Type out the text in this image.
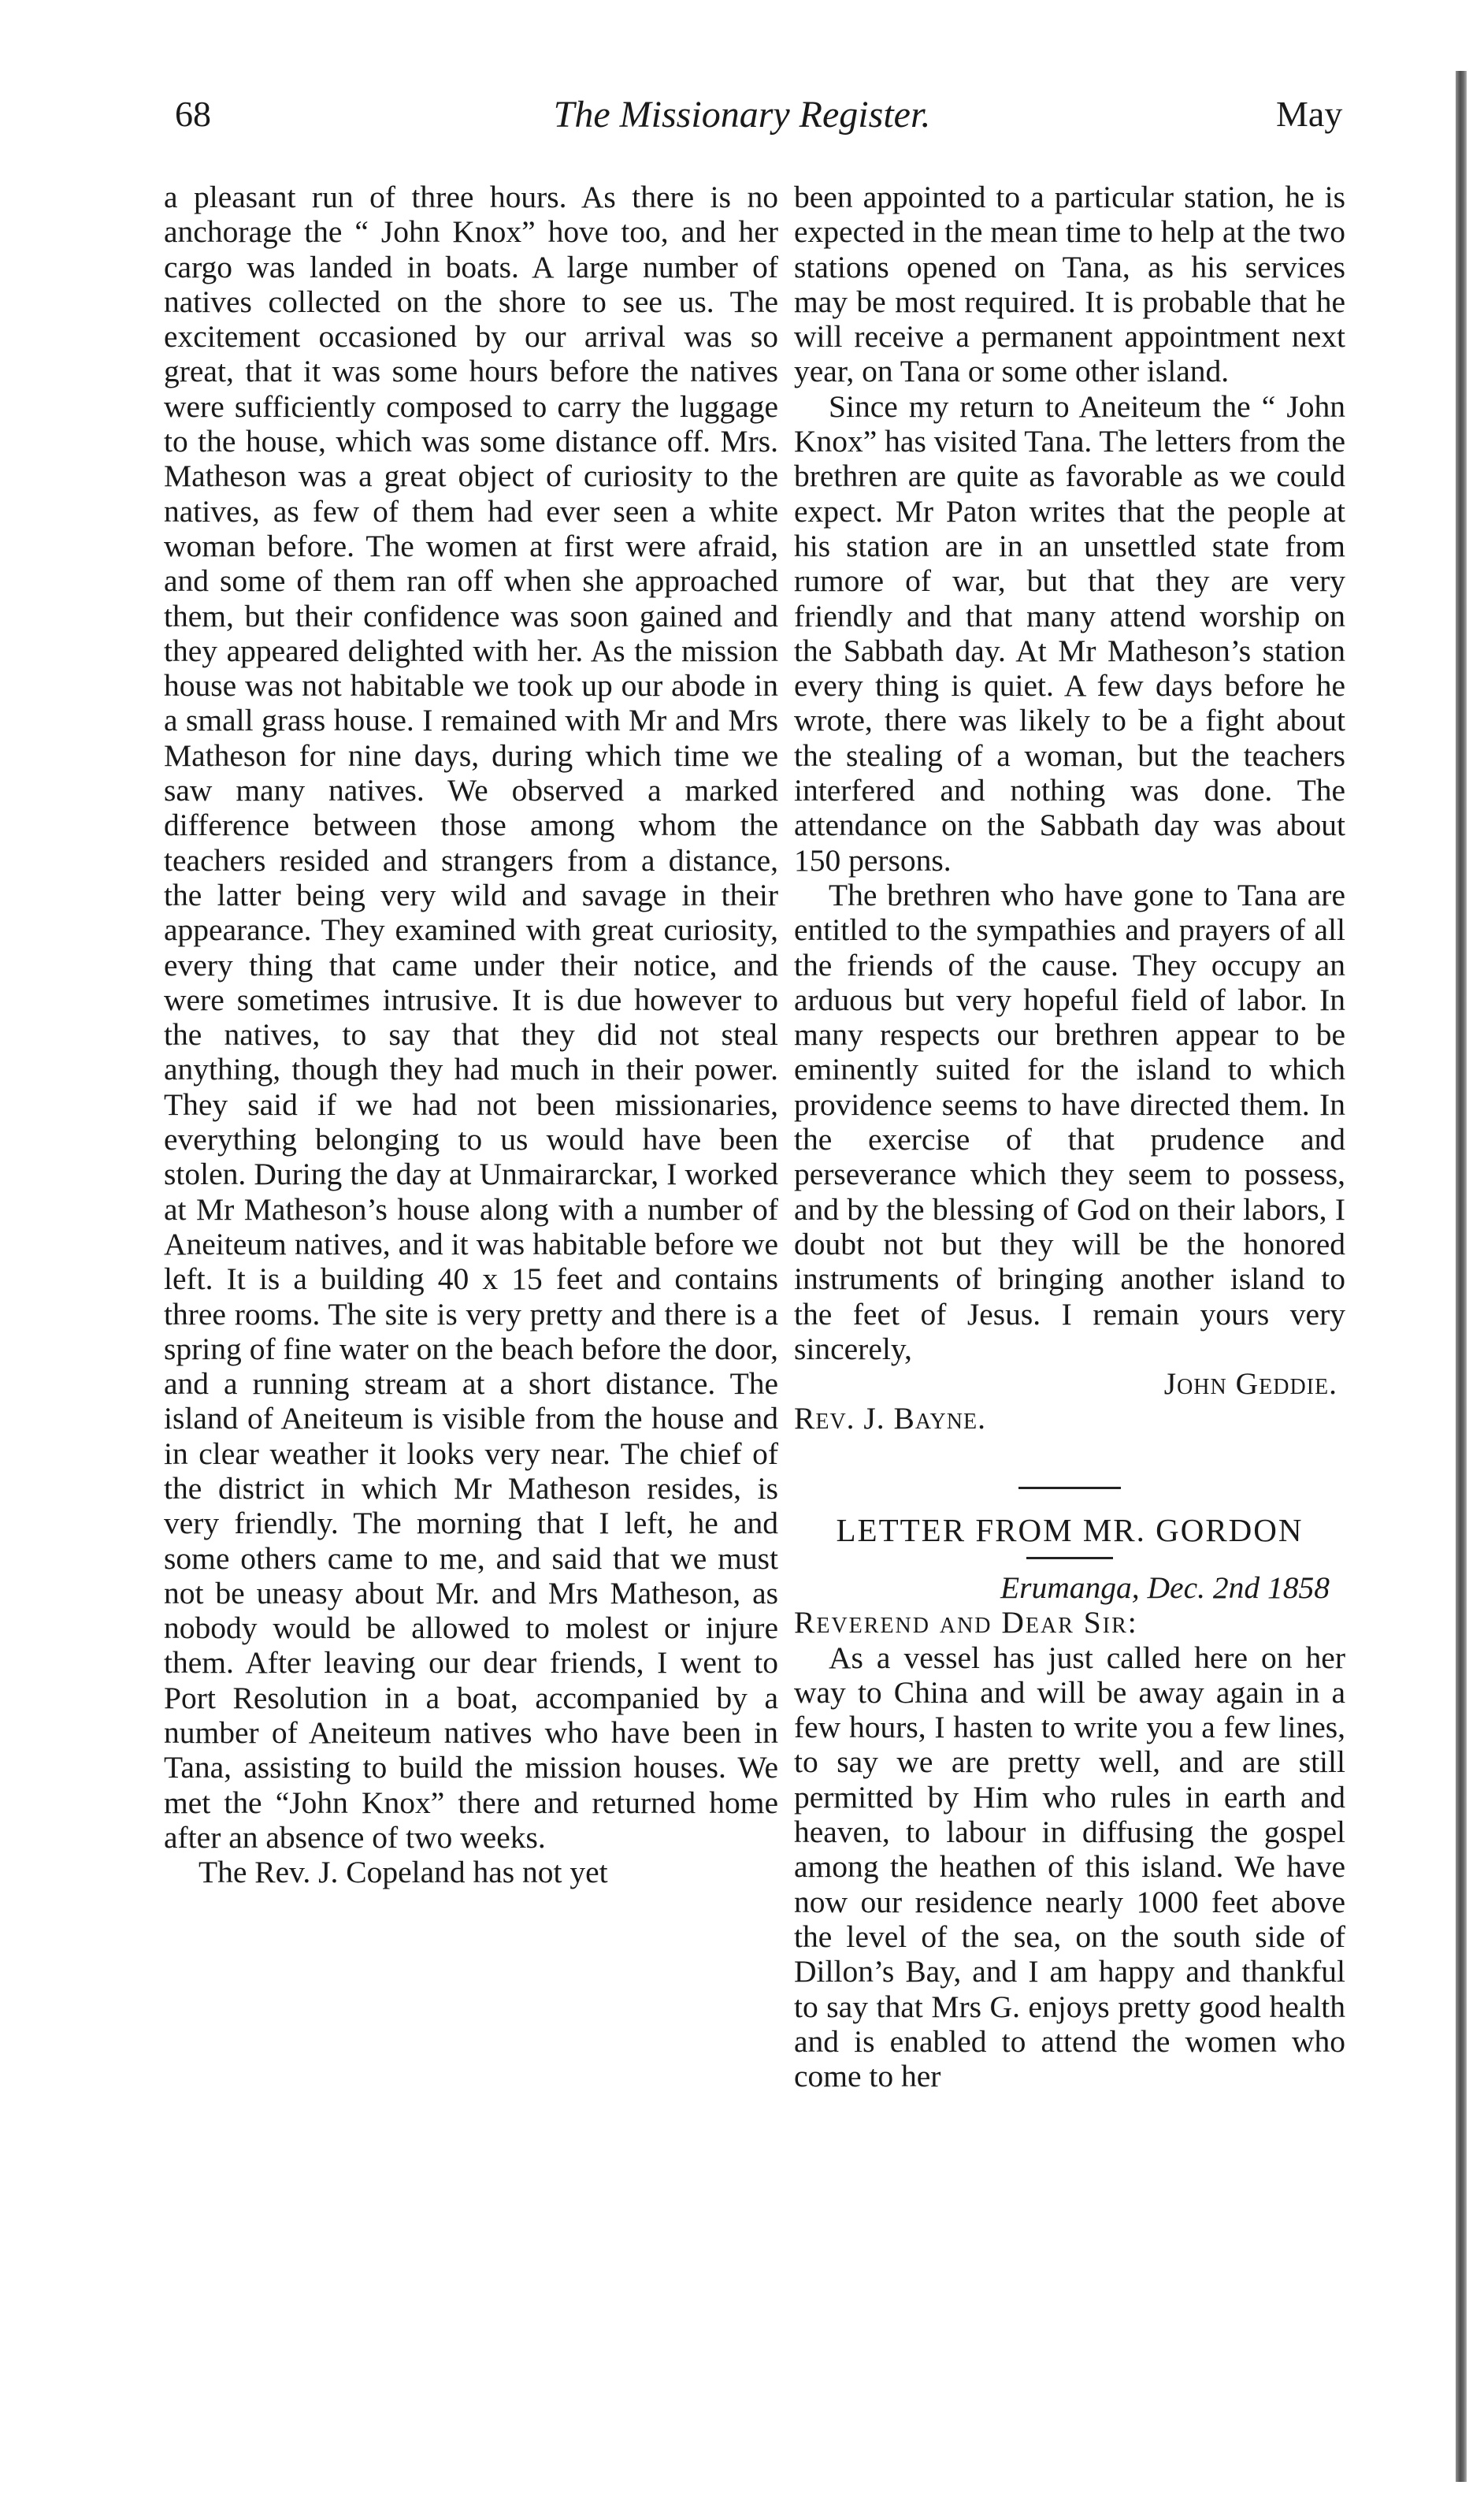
68	The Missionary Register.	May

a pleasant run of three hours. As there is no anchorage the “ John Knox” hove too, and her cargo was landed in boats. A large number of natives collected on the shore to see us. The excitement occasioned by our arrival was so great, that it was some hours before the natives were sufficiently composed to carry the luggage to the house, which was some distance off. Mrs. Matheson was a great object of curiosity to the natives, as few of them had ever seen a white woman before. The women at first were afraid, and some of them ran off when she approached them, but their confidence was soon gained and they appeared delighted with her. As the mission house was not habitable we took up our abode in a small grass house. I remained with Mr and Mrs Matheson for nine days, during which time we saw many natives. We observed a marked difference between those among whom the teachers resided and strangers from a distance, the latter being very wild and savage in their appearance. They examined with great curiosity, every thing that came under their notice, and were sometimes intrusive. It is due however to the natives, to say that they did not steal anything, though they had much in their power. They said if we had not been missionaries, everything belonging to us would have been stolen. During the day at Unmairarckar, I worked at Mr Matheson’s house along with a number of Aneiteum natives, and it was habitable before we left. It is a building 40 x 15 feet and contains three rooms. The site is very pretty and there is a spring of fine water on the beach before the door, and a running stream at a short distance. The island of Aneiteum is visible from the house and in clear weather it looks very near. The chief of the district in which Mr Matheson resides, is very friendly. The morning that I left, he and some others came to me, and said that we must not be uneasy about Mr. and Mrs Matheson, as nobody would be allowed to molest or injure them. After leaving our dear friends, I went to Port Resolution in a boat, accompanied by a number of Aneiteum natives who have been in Tana, assisting to build the mission houses. We met the “John Knox” there and returned home after an absence of two weeks.

The Rev. J. Copeland has not yet

been appointed to a particular station, he is expected in the mean time to help at the two stations opened on Tana, as his services may be most required. It is probable that he will receive a permanent appointment next year, on Tana or some other island.

Since my return to Aneiteum the “ John Knox” has visited Tana. The letters from the brethren are quite as favorable as we could expect. Mr Paton writes that the people at his station are in an unsettled state from rumore of war, but that they are very friendly and that many attend worship on the Sabbath day. At Mr Matheson’s station every thing is quiet. A few days before he wrote, there was likely to be a fight about the stealing of a woman, but the teachers interfered and nothing was done. The attendance on the Sabbath day was about 150 persons.

The brethren who have gone to Tana are entitled to the sympathies and prayers of all the friends of the cause. They occupy an arduous but very hopeful field of labor. In many respects our brethren appear to be eminently suited for the island to which providence seems to have directed them. In the exercise of that prudence and perseverance which they seem to possess, and by the blessing of God on their labors, I doubt not but they will be the honored instruments of bringing another island to the feet of Jesus. I remain yours very sincerely,

John Geddie.

Rev. J. Bayne.

LETTER FROM MR. GORDON

Erumanga, Dec. 2nd 1858

Reverend and Dear Sir:

As a vessel has just called here on her way to China and will be away again in a few hours, I hasten to write you a few lines, to say we are pretty well, and are still permitted by Him who rules in earth and heaven, to labour in diffusing the gospel among the heathen of this island. We have now our residence nearly 1000 feet above the level of the sea, on the south side of Dillon’s Bay, and I am happy and thankful to say that Mrs G. enjoys pretty good health and is enabled to attend the women who come to her
